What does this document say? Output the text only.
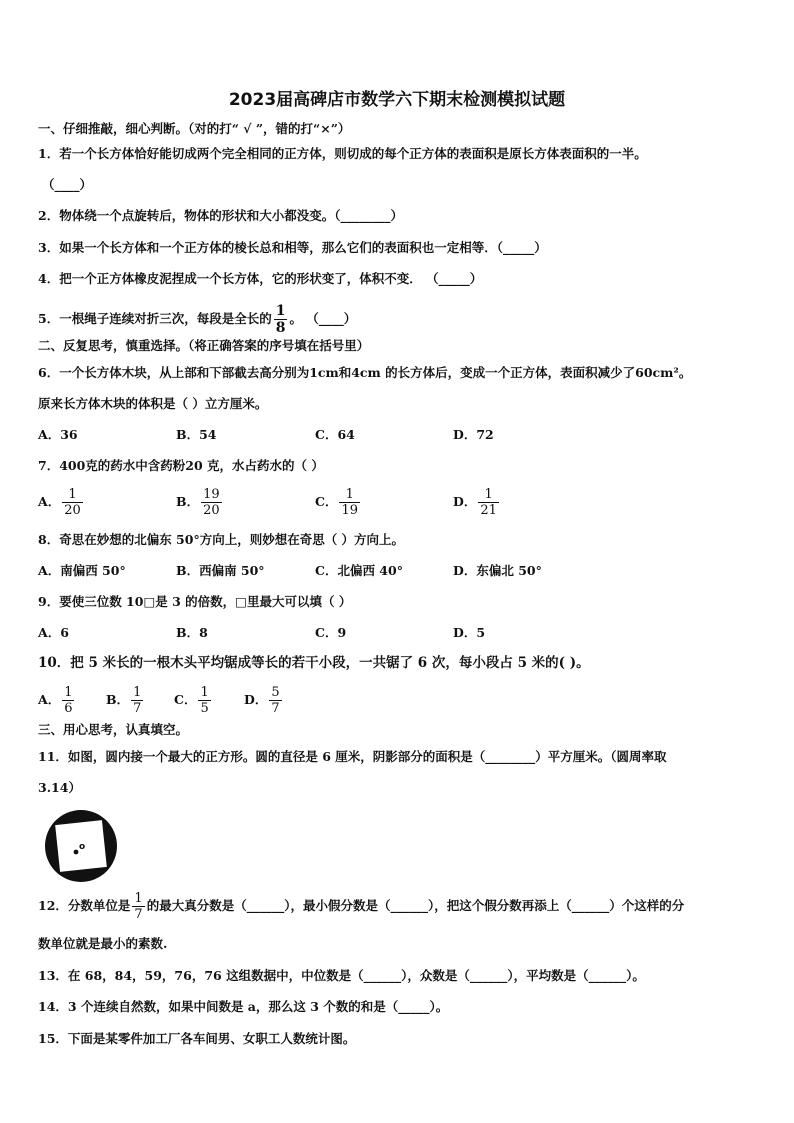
2023届高碑店市数学六下期末检测模拟试题
一、仔细推敲，细心判断。（对的打“ √ ”，错的打“×”）
1．若一个长方体恰好能切成两个完全相同的正方体，则切成的每个正方体的表面积是原长方体表面积的一半。
（____）
2．物体绕一个点旋转后，物体的形状和大小都没变。（________）
3．如果一个长方体和一个正方体的棱长总和相等，那么它们的表面积也一定相等．（_____）
4．把一个正方体橡皮泥捏成一个长方体，它的形状变了，体积不变． （_____）
5．一根绳子连续对折三次，每段是全长的 $\frac{1}{8}$ 。 （____）
二、反复思考，慎重选择。（将正确答案的序号填在括号里）
6．一个长方体木块，从上部和下部截去高分别为1cm和4cm 的长方体后，变成一个正方体，表面积减少了60cm²。
原来长方体木块的体积是（ ）立方厘米。
A．36	B．54	C．64	D．72
7．400克的药水中含药粉20 克，水占药水的（ ）
A． $\frac{1}{20}$	B． $\frac{19}{20}$	C． $\frac{1}{19}$	D． $\frac{1}{21}$
8．奇思在妙想的北偏东 50°方向上，则妙想在奇思（ ）方向上。
A．南偏西 50°	B．西偏南 50°	C．北偏西 40°	D．东偏北 50°
9．要使三位数 10□是 3 的倍数，□里最大可以填（ ）
A．6	B．8	C．9	D．5
10．把 5 米长的一根木头平均锯成等长的若干小段，一共锯了 6 次，每小段占 5 米的( )。
A． $\frac{1}{6}$	B． $\frac{1}{7}$ C． $\frac{1}{5}$	D． $\frac{5}{7}$
三、用心思考，认真填空。
11．如图，圆内接一个最大的正方形。圆的直径是 6 厘米，阴影部分的面积是（________）平方厘米。（圆周率取
3.14）
o
12．分数单位是 $\frac{1}{7}$ 的最大真分数是（______），最小假分数是（______），把这个假分数再添上（______）个这样的分
数单位就是最小的素数.
13．在 68，84，59，76，76 这组数据中，中位数是（______），众数是（______），平均数是（______）。
14．3 个连续自然数，如果中间数是 a，那么这 3 个数的和是（_____）。
15．下面是某零件加工厂各车间男、女职工人数统计图。
